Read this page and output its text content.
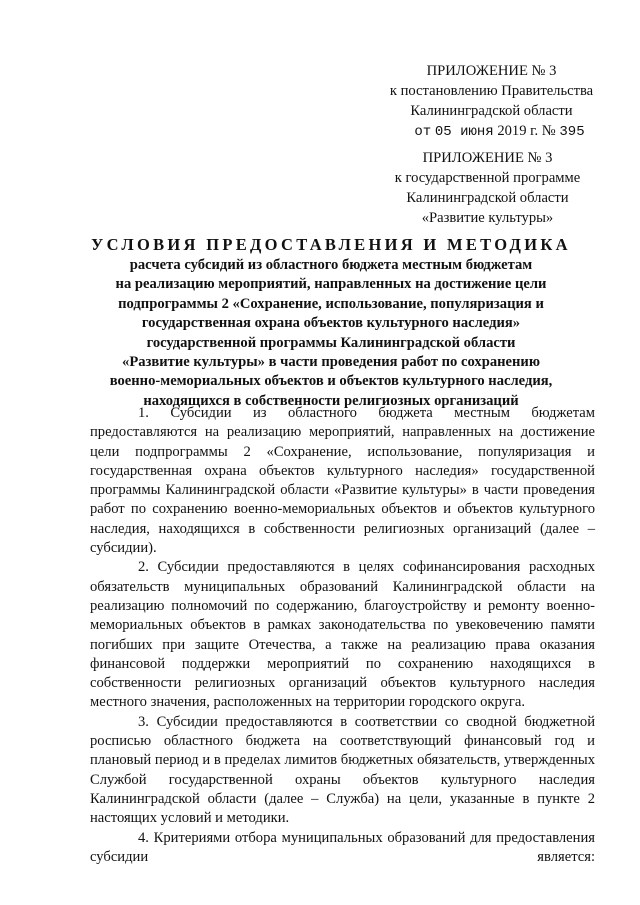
ПРИЛОЖЕНИЕ № 3
к постановлению Правительства
Калининградской области
от 05 июня 2019 г. № 395
ПРИЛОЖЕНИЕ № 3
к государственной программе
Калининградской области
«Развитие культуры»
УСЛОВИЯ ПРЕДОСТАВЛЕНИЯ И МЕТОДИКА
расчета субсидий из областного бюджета местным бюджетам
на реализацию мероприятий, направленных на достижение цели
подпрограммы 2 «Сохранение, использование, популяризация и
государственная охрана объектов культурного наследия»
государственной программы Калининградской области
«Развитие культуры» в части проведения работ по сохранению
военно-мемориальных объектов и объектов культурного наследия,
находящихся в собственности религиозных организаций

1. Субсидии из областного бюджета местным бюджетам предоставляются на реализацию мероприятий, направленных на достижение цели подпрограммы 2 «Сохранение, использование, популяризация и государственная охрана объектов культурного наследия» государственной программы Калининградской области «Развитие культуры» в части проведения работ по сохранению военно-мемориальных объектов и объектов культурного наследия, находящихся в собственности религиозных организаций (далее – субсидии).

2. Субсидии предоставляются в целях софинансирования расходных обязательств муниципальных образований Калининградской области на реализацию полномочий по содержанию, благоустройству и ремонту военно-мемориальных объектов в рамках законодательства по увековечению памяти погибших при защите Отечества, а также на реализацию права оказания финансовой поддержки мероприятий по сохранению находящихся в собственности религиозных организаций объектов культурного наследия местного значения, расположенных на территории городского округа.

3. Субсидии предоставляются в соответствии со сводной бюджетной росписью областного бюджета на соответствующий финансовый год и плановый период и в пределах лимитов бюджетных обязательств, утвержденных Службой государственной охраны объектов культурного наследия Калининградской области (далее – Служба) на цели, указанные в пункте 2 настоящих условий и методики.

4. Критериями отбора муниципальных образований для предоставления субсидии является:
